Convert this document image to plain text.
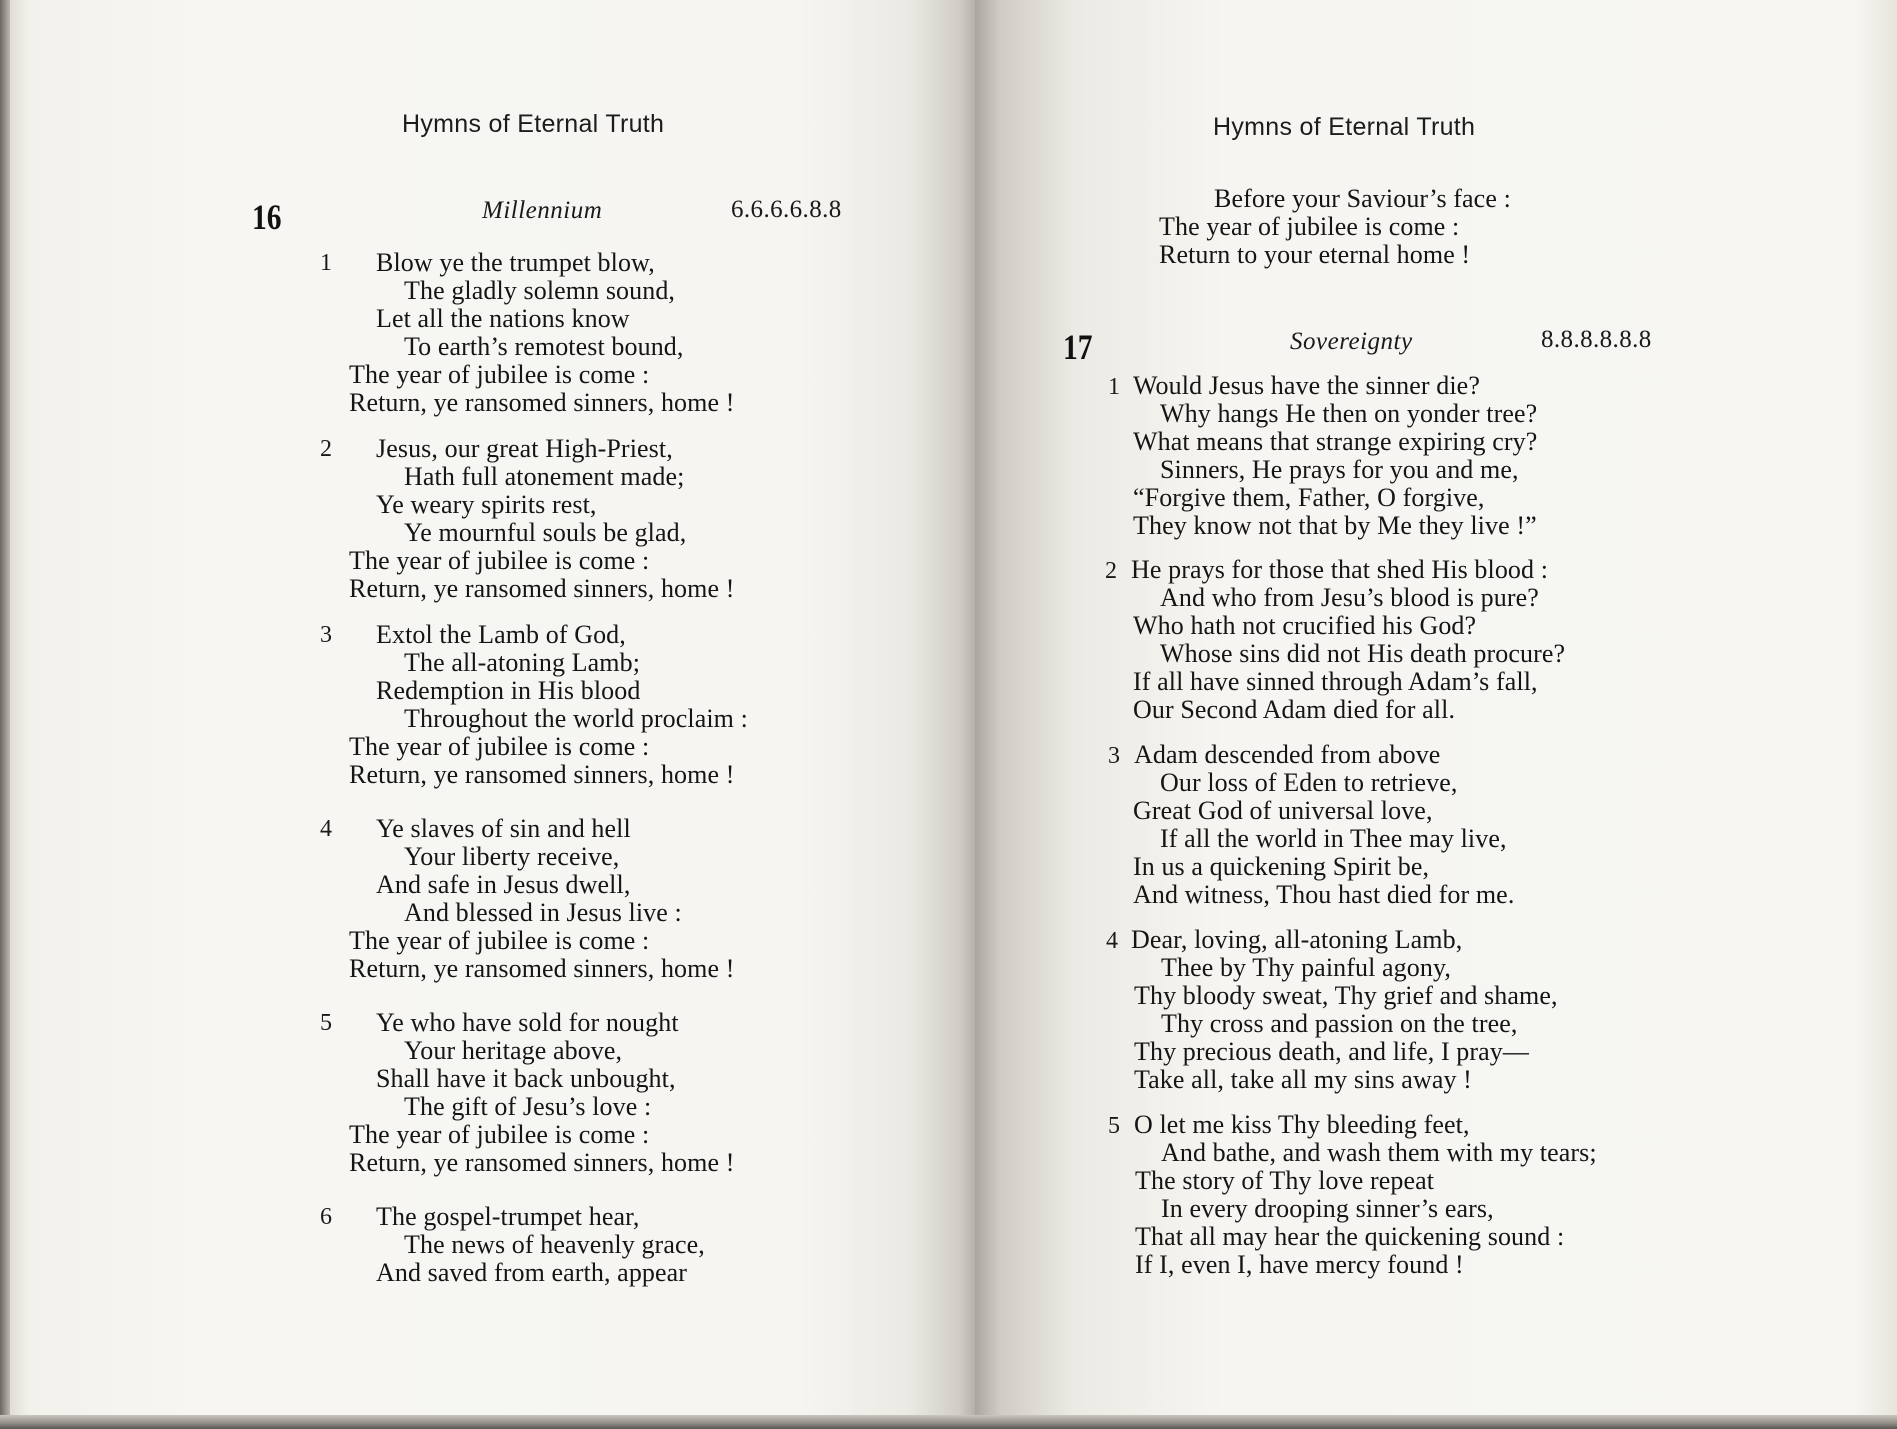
Hymns of Eternal Truth
16	Millennium	6.6.6.6.8.8
1 Blow ye the trumpet blow,
The gladly solemn sound,
Let all the nations know
To earth’s remotest bound,
The year of jubilee is come :
Return, ye ransomed sinners, home !
2 Jesus, our great High-Priest,
Hath full atonement made;
Ye weary spirits rest,
Ye mournful souls be glad,
The year of jubilee is come :
Return, ye ransomed sinners, home !
3 Extol the Lamb of God,
The all-atoning Lamb;
Redemption in His blood
Throughout the world proclaim :
The year of jubilee is come :
Return, ye ransomed sinners, home !
4 Ye slaves of sin and hell
Your liberty receive,
And safe in Jesus dwell,
And blessed in Jesus live :
The year of jubilee is come :
Return, ye ransomed sinners, home !
5 Ye who have sold for nought
Your heritage above,
Shall have it back unbought,
The gift of Jesu’s love :
The year of jubilee is come :
Return, ye ransomed sinners, home !
6 The gospel-trumpet hear,
The news of heavenly grace,
And saved from earth, appear
Hymns of Eternal Truth
Before your Saviour’s face :
The year of jubilee is come :
Return to your eternal home !
17	Sovereignty	8.8.8.8.8.8
1 Would Jesus have the sinner die?
Why hangs He then on yonder tree?
What means that strange expiring cry?
Sinners, He prays for you and me,
“Forgive them, Father, O forgive,
They know not that by Me they live !”
2 He prays for those that shed His blood :
And who from Jesu’s blood is pure?
Who hath not crucified his God?
Whose sins did not His death procure?
If all have sinned through Adam’s fall,
Our Second Adam died for all.
3 Adam descended from above
Our loss of Eden to retrieve,
Great God of universal love,
If all the world in Thee may live,
In us a quickening Spirit be,
And witness, Thou hast died for me.
4 Dear, loving, all-atoning Lamb,
Thee by Thy painful agony,
Thy bloody sweat, Thy grief and shame,
Thy cross and passion on the tree,
Thy precious death, and life, I pray—
Take all, take all my sins away !
5 O let me kiss Thy bleeding feet,
And bathe, and wash them with my tears;
The story of Thy love repeat
In every drooping sinner’s ears,
That all may hear the quickening sound :
If I, even I, have mercy found !
